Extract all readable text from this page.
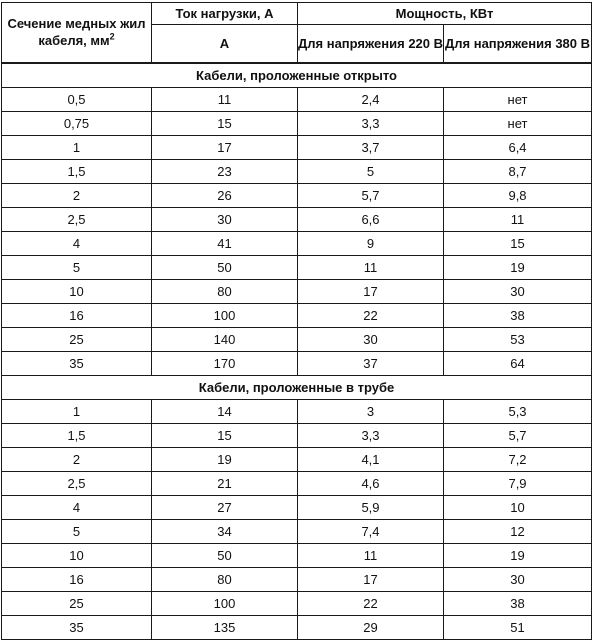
Сечение медных жил кабеля, $мм^2$	Ток нагрузки, А	Мощность, КВт	
	А	Для напряжения 220 В	Для напряжения 380 В
Кабели, проложенные открыто			
0,5	11	2,4	нет
0,75	15	3,3	нет
1	17	3,7	6,4
1,5	23	5	8,7
2	26	5,7	9,8
2,5	30	6,6	11
4	41	9	15
5	50	11	19
10	80	17	30
16	100	22	38
25	140	30	53
35	170	37	64
Кабели, проложенные в трубе			
1	14	3	5,3
1,5	15	3,3	5,7
2	19	4,1	7,2
2,5	21	4,6	7,9
4	27	5,9	10
5	34	7,4	12
10	50	11	19
16	80	17	30
25	100	22	38
35	135	29	51
